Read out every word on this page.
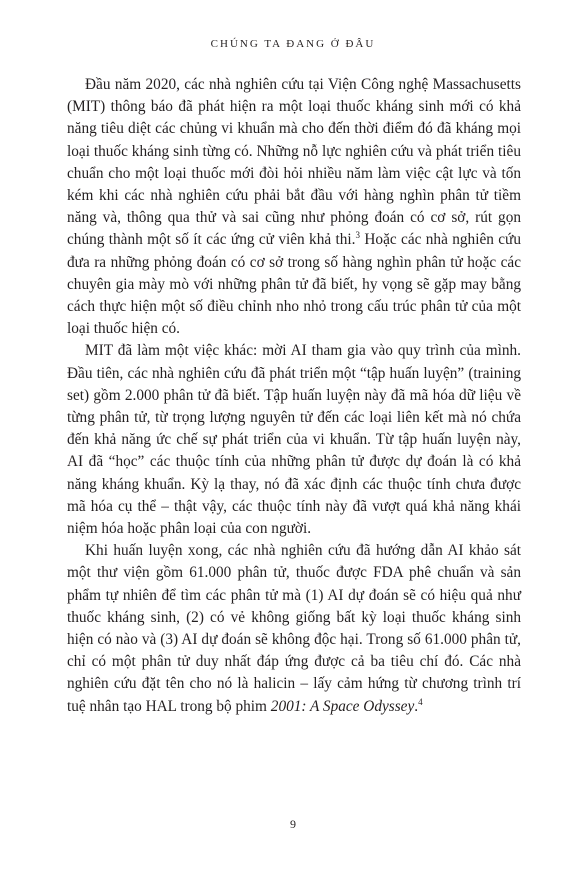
CHÚNG TA ĐANG Ở ĐÂU

Đầu năm 2020, các nhà nghiên cứu tại Viện Công nghệ Massachusetts (MIT) thông báo đã phát hiện ra một loại thuốc kháng sinh mới có khả năng tiêu diệt các chủng vi khuẩn mà cho đến thời điểm đó đã kháng mọi loại thuốc kháng sinh từng có. Những nỗ lực nghiên cứu và phát triển tiêu chuẩn cho một loại thuốc mới đòi hỏi nhiều năm làm việc cật lực và tốn kém khi các nhà nghiên cứu phải bắt đầu với hàng nghìn phân tử tiềm năng và, thông qua thử và sai cũng như phỏng đoán có cơ sở, rút gọn chúng thành một số ít các ứng cử viên khả thi.$^3$ Hoặc các nhà nghiên cứu đưa ra những phỏng đoán có cơ sở trong số hàng nghìn phân tử hoặc các chuyên gia mày mò với những phân tử đã biết, hy vọng sẽ gặp may bằng cách thực hiện một số điều chỉnh nho nhỏ trong cấu trúc phân tử của một loại thuốc hiện có.

MIT đã làm một việc khác: mời AI tham gia vào quy trình của mình. Đầu tiên, các nhà nghiên cứu đã phát triển một “tập huấn luyện” (training set) gồm 2.000 phân tử đã biết. Tập huấn luyện này đã mã hóa dữ liệu về từng phân tử, từ trọng lượng nguyên tử đến các loại liên kết mà nó chứa đến khả năng ức chế sự phát triển của vi khuẩn. Từ tập huấn luyện này, AI đã “học” các thuộc tính của những phân tử được dự đoán là có khả năng kháng khuẩn. Kỳ lạ thay, nó đã xác định các thuộc tính chưa được mã hóa cụ thể – thật vậy, các thuộc tính này đã vượt quá khả năng khái niệm hóa hoặc phân loại của con người.

Khi huấn luyện xong, các nhà nghiên cứu đã hướng dẫn AI khảo sát một thư viện gồm 61.000 phân tử, thuốc được FDA phê chuẩn và sản phẩm tự nhiên để tìm các phân tử mà (1) AI dự đoán sẽ có hiệu quả như thuốc kháng sinh, (2) có vẻ không giống bất kỳ loại thuốc kháng sinh hiện có nào và (3) AI dự đoán sẽ không độc hại. Trong số 61.000 phân tử, chỉ có một phân tử duy nhất đáp ứng được cả ba tiêu chí đó. Các nhà nghiên cứu đặt tên cho nó là halicin – lấy cảm hứng từ chương trình trí tuệ nhân tạo HAL trong bộ phim 2001: A Space Odyssey.$^4$

9
